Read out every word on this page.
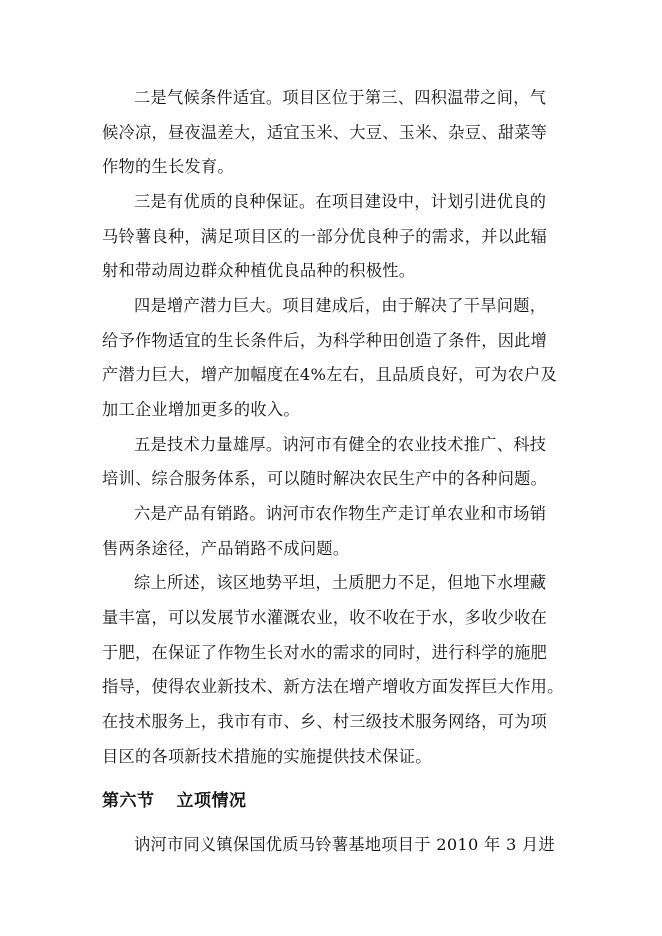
二是气候条件适宜。项目区位于第三、四积温带之间，气
候冷凉，昼夜温差大，适宜玉米、大豆、玉米、杂豆、甜菜等
作物的生长发育。
三是有优质的良种保证。在项目建设中，计划引进优良的
马铃薯良种，满足项目区的一部分优良种子的需求，并以此辐
射和带动周边群众种植优良品种的积极性。
四是增产潜力巨大。项目建成后，由于解决了干旱问题，
给予作物适宜的生长条件后，为科学种田创造了条件，因此增
产潜力巨大，增产加幅度在4%左右，且品质良好，可为农户及
加工企业增加更多的收入。
五是技术力量雄厚。讷河市有健全的农业技术推广、科技
培训、综合服务体系，可以随时解决农民生产中的各种问题。
六是产品有销路。讷河市农作物生产走订单农业和市场销
售两条途径，产品销路不成问题。
综上所述，该区地势平坦，土质肥力不足，但地下水埋藏
量丰富，可以发展节水灌溉农业，收不收在于水，多收少收在
于肥，在保证了作物生长对水的需求的同时，进行科学的施肥
指导，使得农业新技术、新方法在增产增收方面发挥巨大作用。
在技术服务上，我市有市、乡、村三级技术服务网络，可为项
目区的各项新技术措施的实施提供技术保证。
第六节 立项情况
讷河市同义镇保国优质马铃薯基地项目于 2010 年 3 月进
